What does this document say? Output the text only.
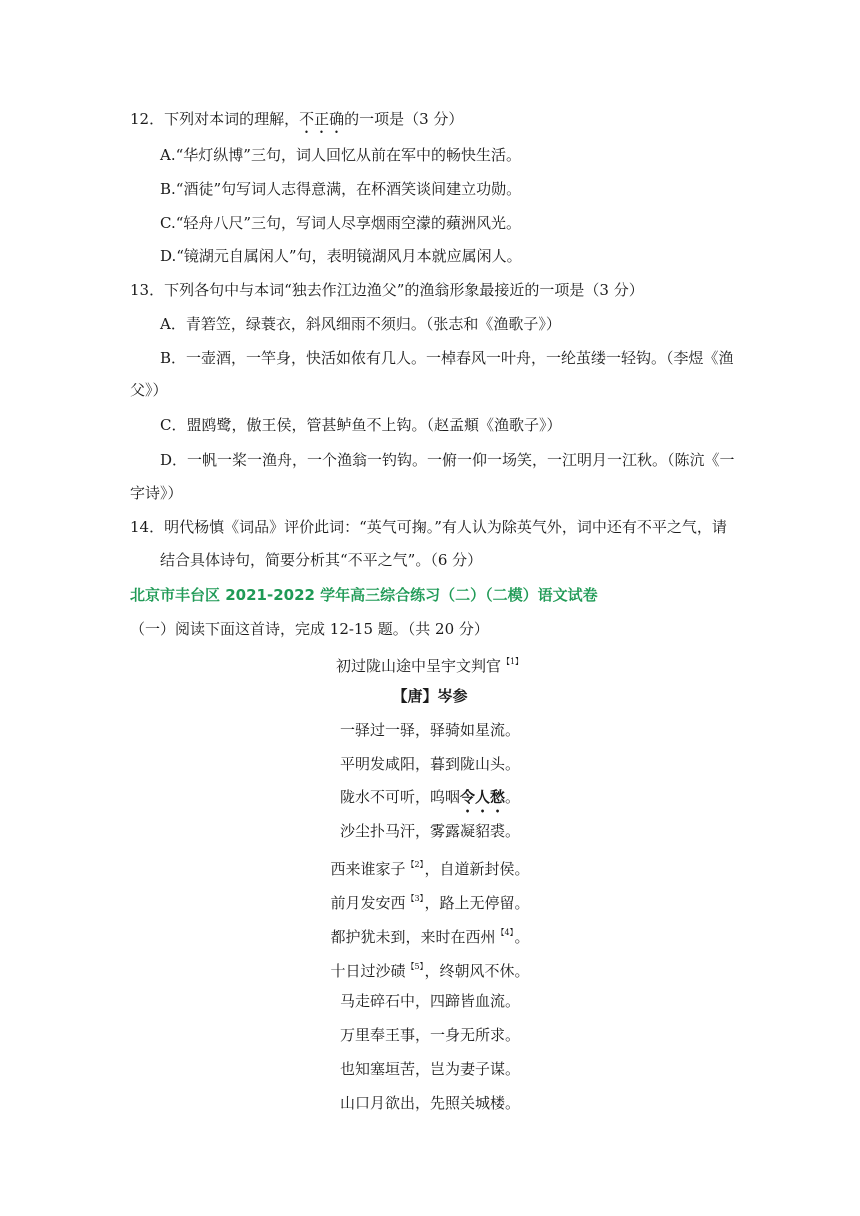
12．下列对本词的理解，不正确的一项是（3 分）
A.“华灯纵博”三句，词人回忆从前在军中的畅快生活。
B.“酒徒”句写词人志得意满，在杯酒笑谈间建立功勋。
C.“轻舟八尺”三句，写词人尽享烟雨空濛的蘋洲风光。
D.“镜湖元自属闲人”句，表明镜湖风月本就应属闲人。
13．下列各句中与本词“独去作江边渔父”的渔翁形象最接近的一项是（3 分）
A．青箬笠，绿蓑衣，斜风细雨不须归。（张志和《渔歌子》）
B．一壶酒，一竿身，快活如侬有几人。一棹春风一叶舟，一纶茧缕一轻钩。（李煜《渔
父》）
C．盟鸥鹭，傲王侯，管甚鲈鱼不上钩。（赵孟頫《渔歌子》）
D．一帆一桨一渔舟，一个渔翁一钓钩。一俯一仰一场笑，一江明月一江秋。（陈沆《一
字诗》）
14．明代杨慎《词品》评价此词：“英气可掬。”有人认为除英气外，词中还有不平之气，请
结合具体诗句，简要分析其“不平之气”。（6 分）
北京市丰台区 2021-2022 学年高三综合练习（二）（二模）语文试卷
（一）阅读下面这首诗，完成 12-15 题。（共 20 分）
初过陇山途中呈宇文判官$^{【1】}$
【唐】岑参
一驿过一驿，驿骑如星流。
平明发咸阳，暮到陇山头。
陇水不可听，呜咽令人愁。
沙尘扑马汗，雾露凝貂裘。
西来谁家子$^{【2】}$，自道新封侯。
前月发安西$^{【3】}$，路上无停留。
都护犹未到，来时在西州$^{【4】}$。
十日过沙碛$^{【5】}$，终朝风不休。
马走碎石中，四蹄皆血流。
万里奉王事，一身无所求。
也知塞垣苦，岂为妻子谋。
山口月欲出，先照关城楼。
